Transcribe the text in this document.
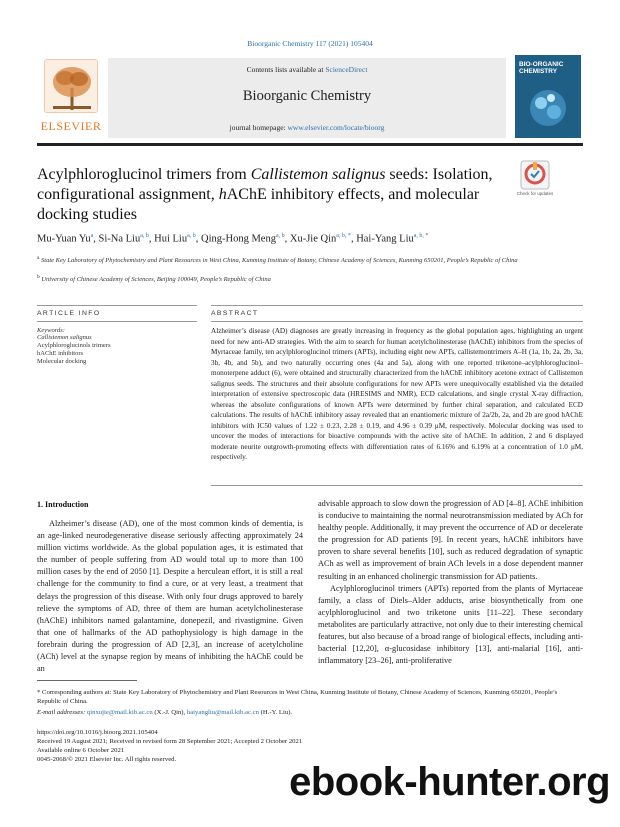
Bioorganic Chemistry 117 (2021) 105404
ELSEVIER
Contents lists available at ScienceDirect
Bioorganic Chemistry
journal homepage: www.elsevier.com/locate/bioorg
BIO-ORGANIC CHEMISTRY
Acylphloroglucinol trimers from Callistemon salignus seeds: Isolation, configurational assignment, hAChE inhibitory effects, and molecular docking studies
Check for updates
Mu-Yuan Yu$^a$, Si-Na Liu$^{a, b}$, Hui Liu$^{a, b}$, Qing-Hong Meng$^{a, b}$, Xu-Jie Qin$^{a, b, *}$, Hai-Yang Liu$^{a, b, *}$
$^a$ State Key Laboratory of Phytochemistry and Plant Resources in West China, Kunming Institute of Botany, Chinese Academy of Sciences, Kunming 650201, People’s Republic of China
$^b$ University of Chinese Academy of Sciences, Beijing 100049, People’s Republic of China
ARTICLE INFO	ABSTRACT
Keywords:
Callistemon salignus
Acylphloroglucinols trimers
hAChE inhibitors
Molecular docking
Alzheimer’s disease (AD) diagnoses are greatly increasing in frequency as the global population ages, highlighting an urgent need for new anti-AD strategies. With the aim to search for human acetylcholinesterase (hAChE) inhibitors from the species of Myrtaceae family, ten acylphloroglucinol trimers (APTs), including eight new APTs, callistemontrimers A–H (1a, 1b, 2a, 2b, 3a, 3b, 4b, and 5b), and two naturally occurring ones (4a and 5a), along with one reported triketone–acylphloroglucinol–monoterpene adduct (6), were obtained and structurally characterized from the hAChE inhibitory acetone extract of Callistemon salignus seeds. The structures and their absolute configurations for new APTs were unequivocally established via the detailed interpretation of extensive spectroscopic data (HRESIMS and NMR), ECD calculations, and single crystal X-ray diffraction, whereas the absolute configurations of known APTs were determined by further chiral separation, and calculated ECD calculations. The results of hAChE inhibitory assay revealed that an enantiomeric mixture of 2a/2b, 2a, and 2b are good hAChE inhibitors with IC50 values of 1.22 ± 0.23, 2.28 ± 0.19, and 4.96 ± 0.39 μM, respectively. Molecular docking was used to uncover the modes of interactions for bioactive compounds with the active site of hAChE. In addition, 2 and 6 displayed moderate neurite outgrowth-promoting effects with differentiation rates of 6.16% and 6.19% at a concentration of 1.0 μM, respectively.
1. Introduction

Alzheimer’s disease (AD), one of the most common kinds of dementia, is an age-linked neurodegenerative disease seriously affecting approximately 24 million victims worldwide. As the global population ages, it is estimated that the number of people suffering from AD would total up to more than 100 million cases by the end of 2050 [1]. Despite a herculean effort, it is still a real challenge for the community to find a cure, or at very least, a treatment that delays the progression of this disease. With only four drugs approved to barely relieve the symptoms of AD, three of them are human acetylcholinesterase (hAChE) inhibitors named galantamine, donepezil, and rivastigmine. Given that one of hallmarks of the AD pathophysiology is high damage in the forebrain during the progression of AD [2,3], an increase of acetylcholine (ACh) level at the synapse region by means of inhibiting the hAChE could be an

advisable approach to slow down the progression of AD [4–8]. AChE inhibition is conducive to maintaining the normal neurotransmission mediated by ACh for healthy people. Additionally, it may prevent the occurrence of AD or decelerate the progression for AD patients [9]. In recent years, hAChE inhibitors have proven to share several benefits [10], such as reduced degradation of synaptic ACh as well as improvement of brain ACh levels in a dose dependent manner resulting in an enhanced cholinergic transmission for AD patients.

Acylphloroglucinol trimers (APTs) reported from the plants of Myrtaceae family, a class of Diels–Alder adducts, arise biosynthetically from one acylphloroglucinol and two triketone units [11–22]. These secondary metabolites are particularly attractive, not only due to their interesting chemical features, but also because of a broad range of biological effects, including anti-bacterial [12,20], α-glucosidase inhibitory [13], anti-malarial [16], anti-inflammatory [23–26], anti-proliferative

* Corresponding authors at: State Key Laboratory of Phytochemistry and Plant Resources in West China, Kunming Institute of Botany, Chinese Academy of Sciences, Kunming 650201, People’s Republic of China.
E-mail addresses: qinxujie@mail.kib.ac.cn (X.-J. Qin), haiyangliu@mail.kib.ac.cn (H.-Y. Liu).
https://doi.org/10.1016/j.bioorg.2021.105404
Received 19 August 2021; Received in revised form 28 September 2021; Accepted 2 October 2021
Available online 6 October 2021
0045-2068/© 2021 Elsevier Inc. All rights reserved.
ebook-hunter.org
